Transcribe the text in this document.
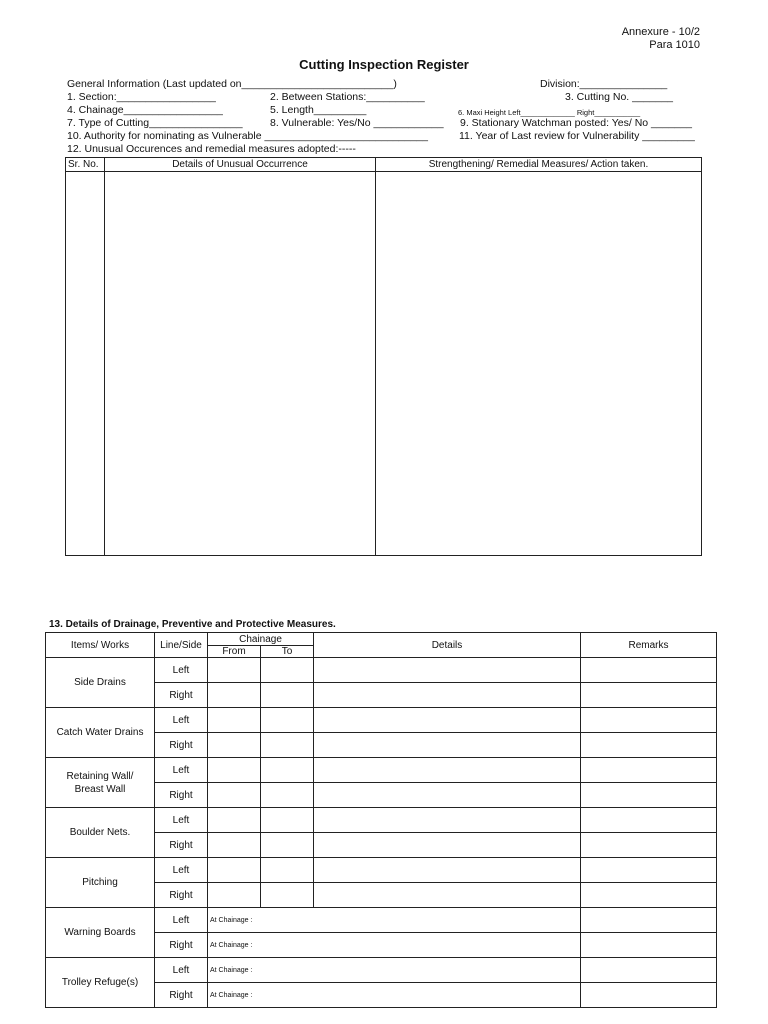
Annexure - 10/2
Para 1010
Cutting Inspection Register
General Information (Last updated on__________________________)	Division:_______________
1. Section:_________________	2. Between Stations:__________	3. Cutting No. _______
4. Chainage_________________	5. Length_________	6. Maxi Height Left_____________ Right___________
7. Type of Cutting________________	8. Vulnerable: Yes/No ____________ 9. Stationary Watchman posted: Yes/ No _______
10. Authority for nominating as Vulnerable ____________________________	11. Year of Last review for Vulnerability _________
12. Unusual Occurences and remedial measures adopted:-----
Sr. No.	Details of Unusual Occurrence	Strengthening/ Remedial Measures/ Action taken.

13. Details of Drainage, Preventive and Protective Measures.
Items/ Works	Line/Side	Chainage		Details	Remarks
		From	To		
Side Drains	Left				
	Right				
Catch Water Drains	Left				
	Right				
Retaining Wall/
Breast Wall	Left				
	Right				
Boulder Nets.	Left				
	Right				
Pitching	Left				
	Right				
Warning Boards	Left	At Chainage :			
	Right	At Chainage :			
Trolley Refuge(s)	Left	At Chainage :			
	Right	At Chainage :			
